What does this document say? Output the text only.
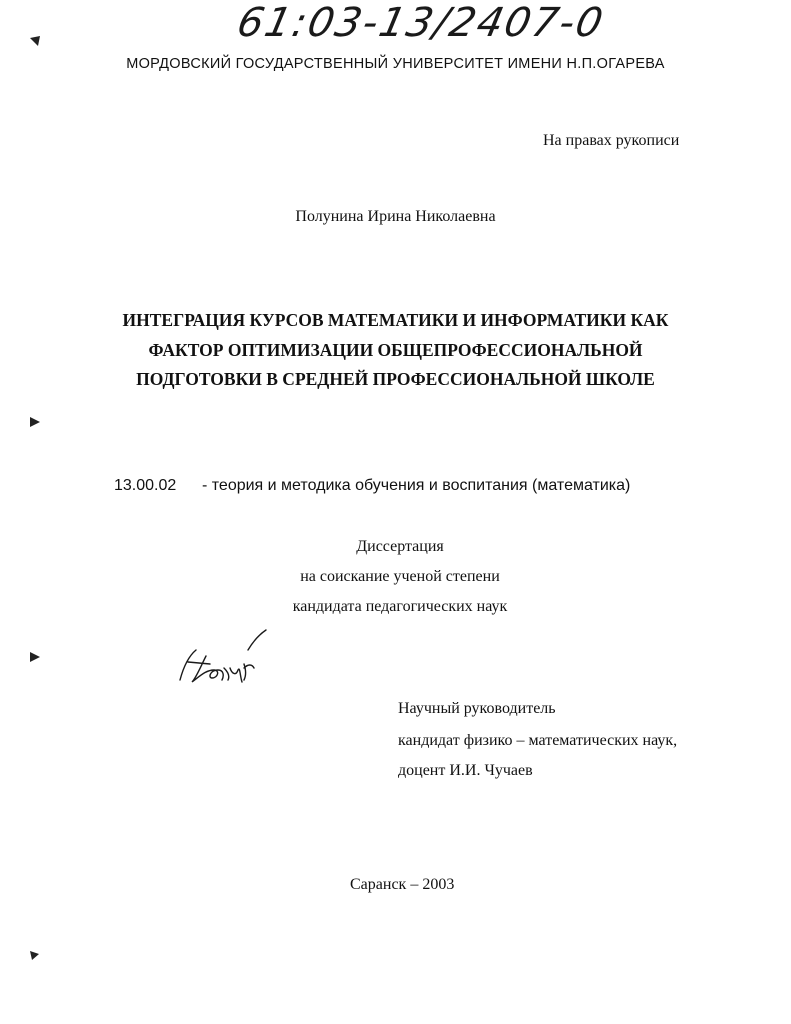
61:03-13/2407-0
МОРДОВСКИЙ ГОСУДАРСТВЕННЫЙ УНИВЕРСИТЕТ ИМЕНИ Н.П.ОГАРЕВА
На правах рукописи
Полунина Ирина Николаевна
ИНТЕГРАЦИЯ КУРСОВ МАТЕМАТИКИ И ИНФОРМАТИКИ КАК
ФАКТОР ОПТИМИЗАЦИИ ОБЩЕПРОФЕССИОНАЛЬНОЙ
ПОДГОТОВКИ В СРЕДНЕЙ ПРОФЕССИОНАЛЬНОЙ ШКОЛЕ
13.00.02 - теория и методика обучения и воспитания (математика)
Диссертация
на соискание ученой степени
кандидата педагогических наук
Научный руководитель
кандидат физико – математических наук,
доцент И.И. Чучаев
Саранск – 2003
